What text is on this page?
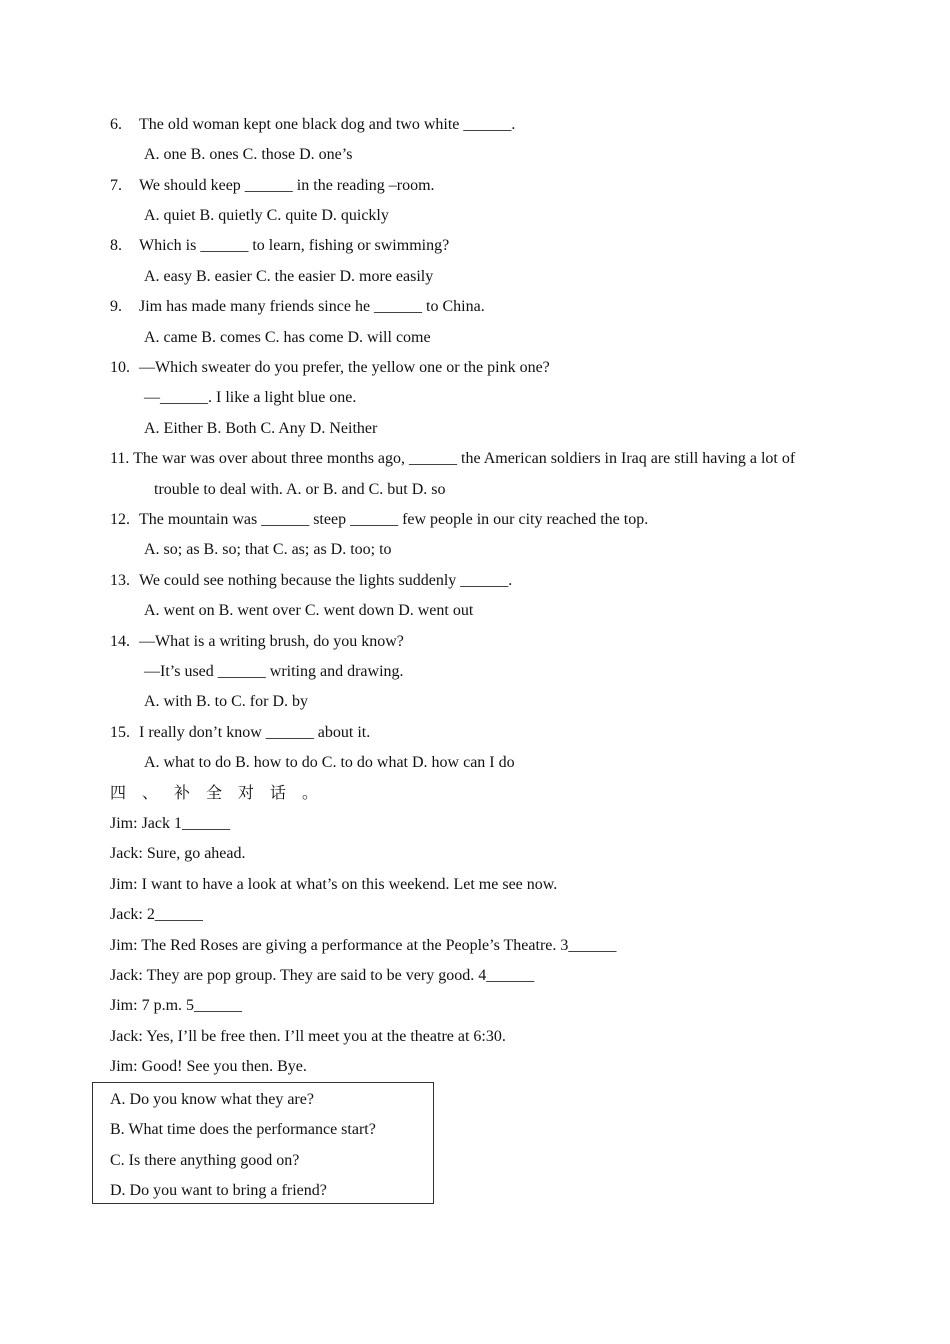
6. The old woman kept one black dog and two white ______.
A. one B. ones C. those D. one’s
7. We should keep ______ in the reading –room.
A. quiet B. quietly C. quite D. quickly
8. Which is ______ to learn, fishing or swimming?
A. easy B. easier C. the easier D. more easily
9. Jim has made many friends since he ______ to China.
A. came B. comes C. has come D. will come
10. —Which sweater do you prefer, the yellow one or the pink one?
—______. I like a light blue one.
A. Either B. Both C. Any D. Neither
11. The war was over about three months ago, ______ the American soldiers in Iraq are still having a lot of
trouble to deal with. A. or B. and C. but D. so
12. The mountain was ______ steep ______ few people in our city reached the top.
A. so; as B. so; that C. as; as D. too; to
13. We could see nothing because the lights suddenly ______.
A. went on B. went over C. went down D. went out
14. —What is a writing brush, do you know?
—It’s used ______ writing and drawing.
A. with B. to C. for D. by
15. I really don’t know ______ about it.
A. what to do B. how to do C. to do what D. how can I do
四、补全对话。
Jim: Jack 1______
Jack: Sure, go ahead.
Jim: I want to have a look at what’s on this weekend. Let me see now.
Jack: 2______
Jim: The Red Roses are giving a performance at the People’s Theatre. 3______
Jack: They are pop group. They are said to be very good. 4______
Jim: 7 p.m. 5______
Jack: Yes, I’ll be free then. I’ll meet you at the theatre at 6:30.
Jim: Good! See you then. Bye.
A. Do you know what they are?
B. What time does the performance start?
C. Is there anything good on?
D. Do you want to bring a friend?
